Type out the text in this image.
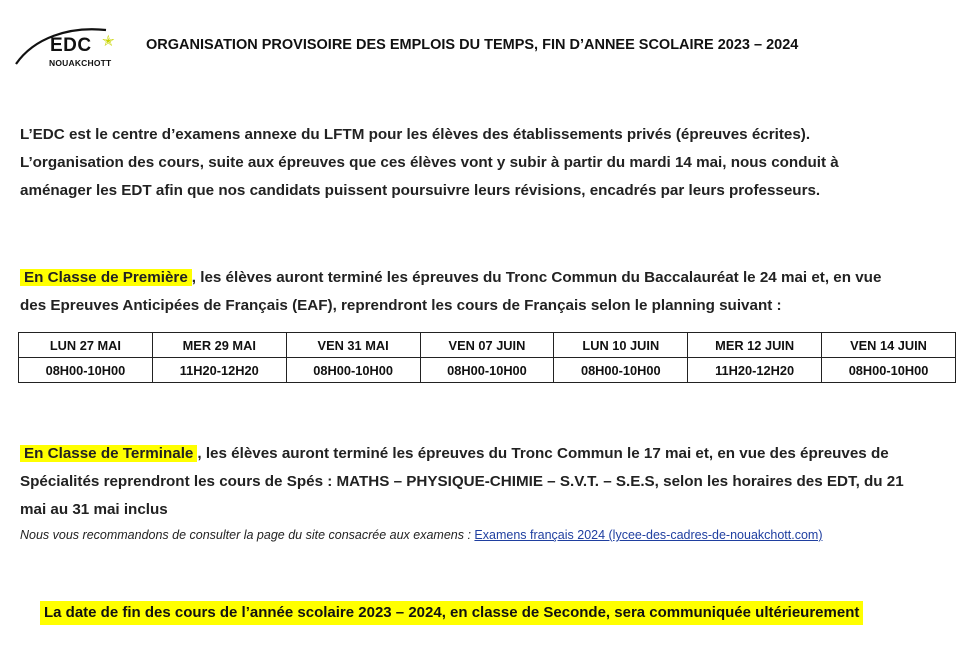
EDC
NOUAKCHOTT
✭ ORGANISATION PROVISOIRE DES EMPLOIS DU TEMPS, FIN D’ANNEE SCOLAIRE 2023 – 2024
L’EDC est le centre d’examens annexe du LFTM pour les élèves des établissements privés (épreuves écrites).
L’organisation des cours, suite aux épreuves que ces élèves vont y subir à partir du mardi 14 mai, nous conduit à
aménager les EDT afin que nos candidats puissent poursuivre leurs révisions, encadrés par leurs professeurs.
En Classe de Première , les élèves auront terminé les épreuves du Tronc Commun du Baccalauréat le 24 mai et, en vue
des Epreuves Anticipées de Français (EAF), reprendront les cours de Français selon le planning suivant :
LUN 27 MAI	MER 29 MAI	VEN 31 MAI	VEN 07 JUIN	LUN 10 JUIN	MER 12 JUIN	VEN 14 JUIN
08H00-10H00	11H20-12H20	08H00-10H00	08H00-10H00	08H00-10H00	11H20-12H20	08H00-10H00
En Classe de Terminale , les élèves auront terminé les épreuves du Tronc Commun le 17 mai et, en vue des épreuves de
Spécialités reprendront les cours de Spés : MATHS – PHYSIQUE-CHIMIE – S.V.T. – S.E.S, selon les horaires des EDT, du 21
mai au 31 mai inclus
Nous vous recommandons de consulter la page du site consacrée aux examens : Examens français 2024 (lycee-des-cadres-de-nouakchott.com)
La date de fin des cours de l’année scolaire 2023 – 2024, en classe de Seconde, sera communiquée ultérieurement
